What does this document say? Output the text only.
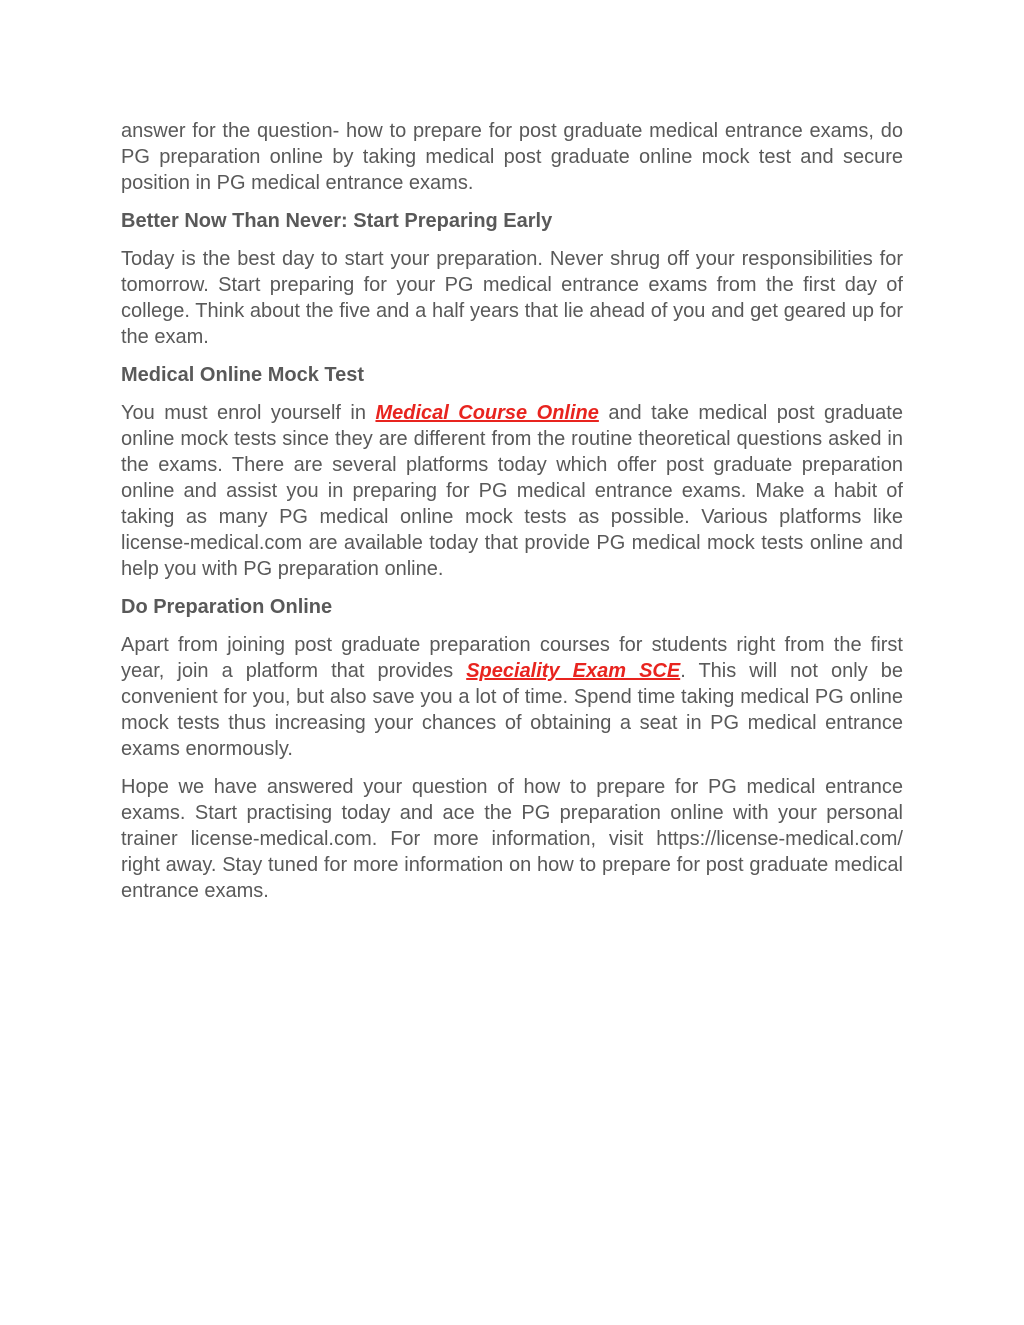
answer for the question- how to prepare for post graduate medical entrance exams, do PG preparation online by taking medical post graduate online mock test and secure position in PG medical entrance exams.

Better Now Than Never: Start Preparing Early

Today is the best day to start your preparation. Never shrug off your responsibilities for tomorrow. Start preparing for your PG medical entrance exams from the first day of college. Think about the five and a half years that lie ahead of you and get geared up for the exam.

Medical Online Mock Test

You must enrol yourself in Medical Course Online and take medical post graduate online mock tests since they are different from the routine theoretical questions asked in the exams. There are several platforms today which offer post graduate preparation online and assist you in preparing for PG medical entrance exams. Make a habit of taking as many PG medical online mock tests as possible. Various platforms like license-medical.com are available today that provide PG medical mock tests online and help you with PG preparation online.

Do Preparation Online

Apart from joining post graduate preparation courses for students right from the first year, join a platform that provides Speciality Exam SCE. This will not only be convenient for you, but also save you a lot of time. Spend time taking medical PG online mock tests thus increasing your chances of obtaining a seat in PG medical entrance exams enormously.

Hope we have answered your question of how to prepare for PG medical entrance exams. Start practising today and ace the PG preparation online with your personal trainer license-medical.com. For more information, visit https://license-medical.com/ right away. Stay tuned for more information on how to prepare for post graduate medical entrance exams.
